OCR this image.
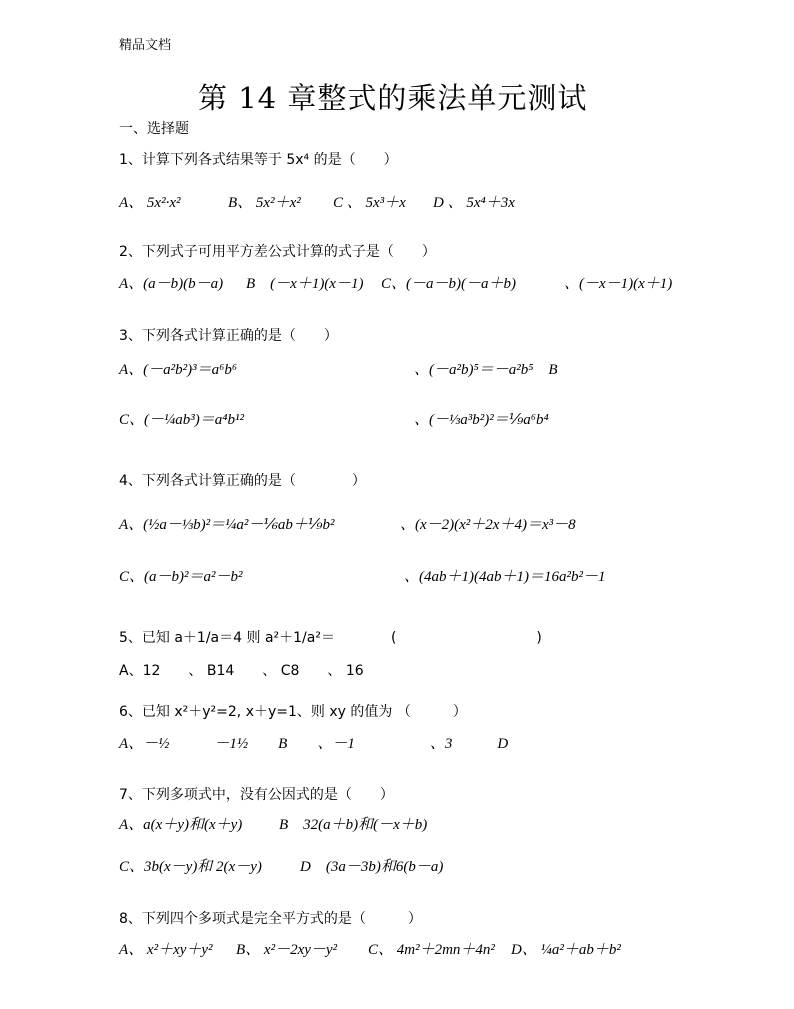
精品文档
第 14 章整式的乘法单元测试
一、选择题
1、计算下列各式结果等于 5x⁴ 的是（　　）
A、 5x²·x²	B、 5x²＋x² C 、 5x³＋x D 、 5x⁴＋3x
2、下列式子可用平方差公式计算的式子是（　　）
A、(a－b)(b－a) B　(－x＋1)(x－1) C、(－a－b)(－a＋b)	、(－x－1)(x＋1)
3、下列各式计算正确的是（　　）
A、(－a²b²)³＝a⁶b⁶	、(－a²b)⁵＝－a²b⁵　B
C、(－¼ab³)＝a⁴b¹²	、(－⅓a³b²)²＝⅑a⁶b⁴
4、下列各式计算正确的是（　　　　）
A、(½a－⅓b)²＝¼a²－⅙ab＋⅑b²	、(x－2)(x²＋2x＋4)＝x³－8
C、(a－b)²＝a²－b²	、(4ab＋1)(4ab＋1)＝16a²b²－1
5、已知 a＋1/a＝4 则 a²＋1/a²＝　　　　(　　　　　　　　　　)
A、12　　、 B14　　、 C8　　、 16
6、已知 x²＋y²=2, x＋y=1、则 xy 的值为 （　　　）
A、－½　　　－1½　　B　　、－1　　　　　、3　　　D
7、下列多项式中，没有公因式的是（　　）
A、a(x＋y)和(x＋y) B　32(a＋b)和(－x＋b)
C、3b(x－y)和 2(x－y)	D　(3a－3b)和6(b－a)
8、下列四个多项式是完全平方式的是（　　　）
A、 x²＋xy＋y² B、 x²－2xy－y² C、 4m²＋2mn＋4n² D、 ¼a²＋ab＋b²
